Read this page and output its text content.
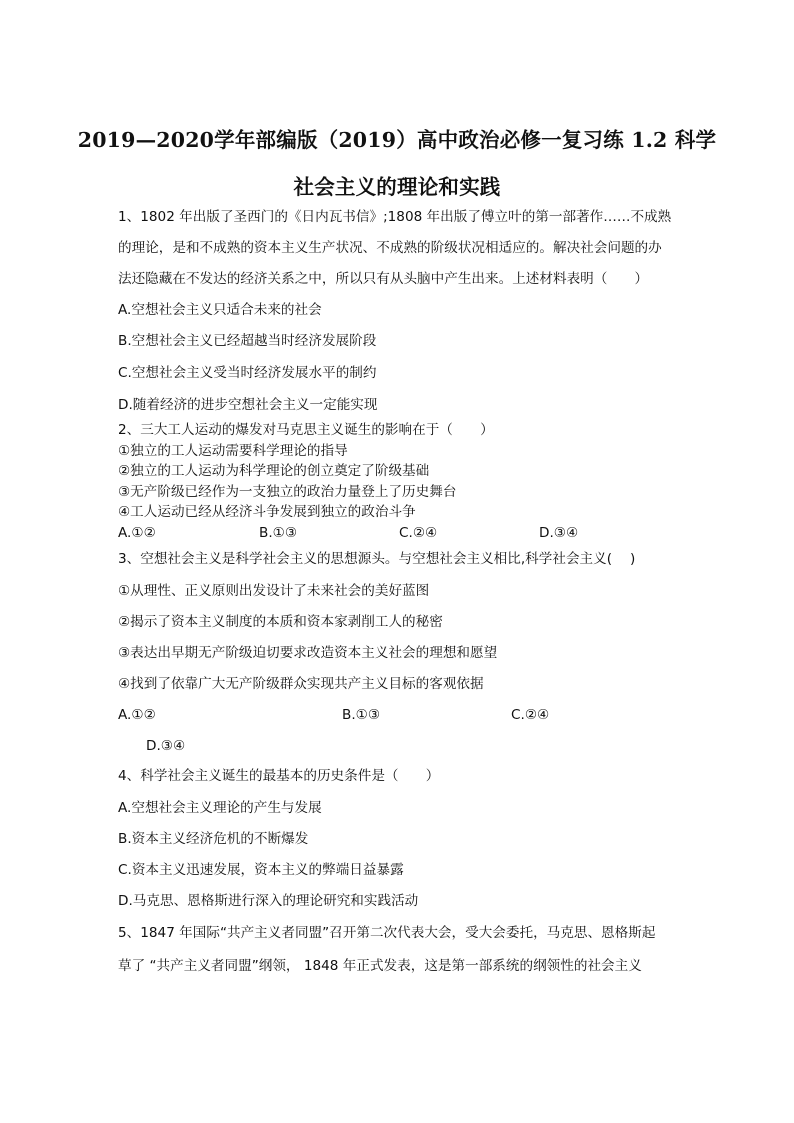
2019—2020学年部编版（2019）高中政治必修一复习练 1.2 科学
社会主义的理论和实践
1、1802 年出版了圣西门的《日内瓦书信》;1808 年出版了傅立叶的第一部著作……不成熟
的理论，是和不成熟的资本主义生产状况、不成熟的阶级状况相适应的。解决社会问题的办
法还隐藏在不发达的经济关系之中，所以只有从头脑中产生出来。上述材料表明（　　）
A.空想社会主义只适合未来的社会
B.空想社会主义已经超越当时经济发展阶段
C.空想社会主义受当时经济发展水平的制约
D.随着经济的进步空想社会主义一定能实现
2、三大工人运动的爆发对马克思主义诞生的影响在于（　　）
①独立的工人运动需要科学理论的指导
②独立的工人运动为科学理论的创立奠定了阶级基础
③无产阶级已经作为一支独立的政治力量登上了历史舞台
④工人运动已经从经济斗争发展到独立的政治斗争
A.①②	B.①③	C.②④	D.③④
3、空想社会主义是科学社会主义的思想源头。与空想社会主义相比,科学社会主义(　 )
①从理性、正义原则出发设计了未来社会的美好蓝图
②揭示了资本主义制度的本质和资本家剥削工人的秘密
③表达出早期无产阶级迫切要求改造资本主义社会的理想和愿望
④找到了依靠广大无产阶级群众实现共产主义目标的客观依据
A.①②	B.①③	C.②④
D.③④
4、科学社会主义诞生的最基本的历史条件是（　　）
A.空想社会主义理论的产生与发展
B.资本主义经济危机的不断爆发
C.资本主义迅速发展，资本主义的弊端日益暴露
D.马克思、恩格斯进行深入的理论研究和实践活动
5、1847 年国际“共产主义者同盟”召开第二次代表大会，受大会委托，马克思、恩格斯起
草了 “共产主义者同盟”纲领， 1848 年正式发表，这是第一部系统的纲领性的社会主义
